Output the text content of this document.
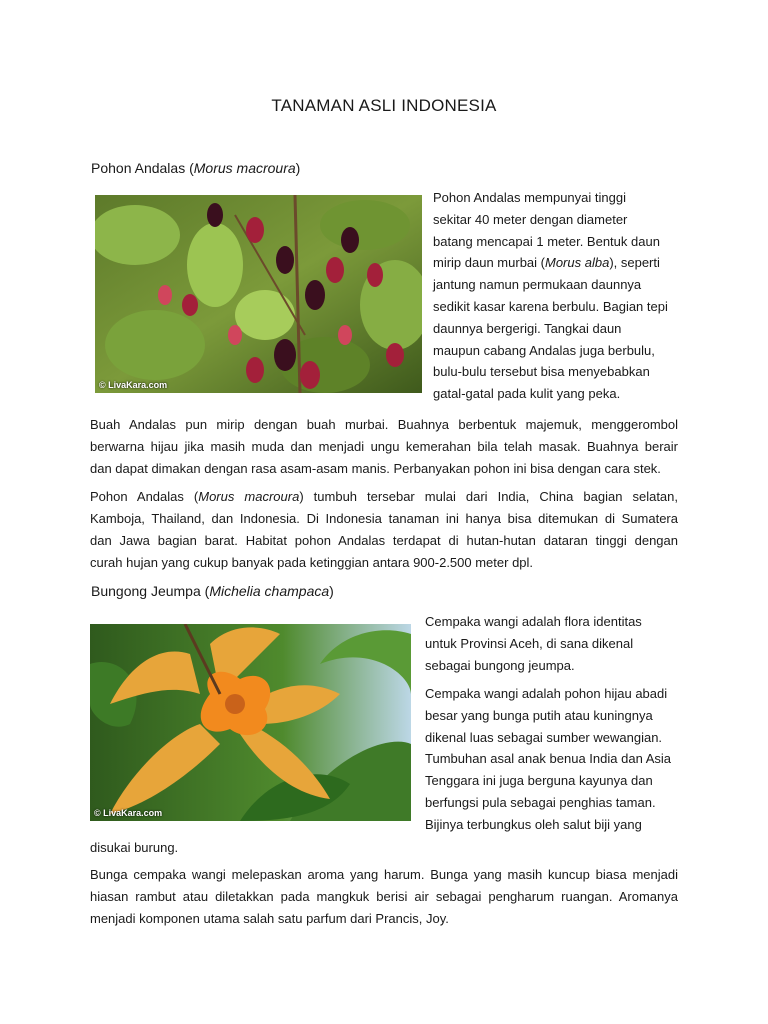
TANAMAN ASLI INDONESIA
Pohon Andalas (Morus macroura)
© LivaKara.com
Pohon Andalas mempunyai tinggi
sekitar 40 meter dengan diameter
batang mencapai 1 meter. Bentuk daun
mirip daun murbai (Morus alba), seperti
jantung namun permukaan daunnya
sedikit kasar karena berbulu. Bagian tepi
daunnya bergerigi. Tangkai daun
maupun cabang Andalas juga berbulu,
bulu-bulu tersebut bisa menyebabkan
gatal-gatal pada kulit yang peka.
Buah Andalas pun mirip dengan buah murbai. Buahnya berbentuk majemuk, menggerombol
berwarna hijau jika masih muda dan menjadi ungu kemerahan bila telah masak. Buahnya berair
dan dapat dimakan dengan rasa asam-asam manis. Perbanyakan pohon ini bisa dengan cara stek.
Pohon Andalas (Morus macroura) tumbuh tersebar mulai dari India, China bagian selatan,
Kamboja, Thailand, dan Indonesia. Di Indonesia tanaman ini hanya bisa ditemukan di Sumatera
dan Jawa bagian barat. Habitat pohon Andalas terdapat di hutan-hutan dataran tinggi dengan
curah hujan yang cukup banyak pada ketinggian antara 900-2.500 meter dpl.
Bungong Jeumpa (Michelia champaca)
© LivaKara.com
Cempaka wangi adalah flora identitas
untuk Provinsi Aceh, di sana dikenal
sebagai bungong jeumpa.
Cempaka wangi adalah pohon hijau abadi
besar yang bunga putih atau kuningnya
dikenal luas sebagai sumber wewangian.
Tumbuhan asal anak benua India dan Asia
Tenggara ini juga berguna kayunya dan
berfungsi pula sebagai penghias taman.
Bijinya terbungkus oleh salut biji yang
disukai burung.
Bunga cempaka wangi melepaskan aroma yang harum. Bunga yang masih kuncup biasa menjadi
hiasan rambut atau diletakkan pada mangkuk berisi air sebagai pengharum ruangan. Aromanya
menjadi komponen utama salah satu parfum dari Prancis, Joy.
